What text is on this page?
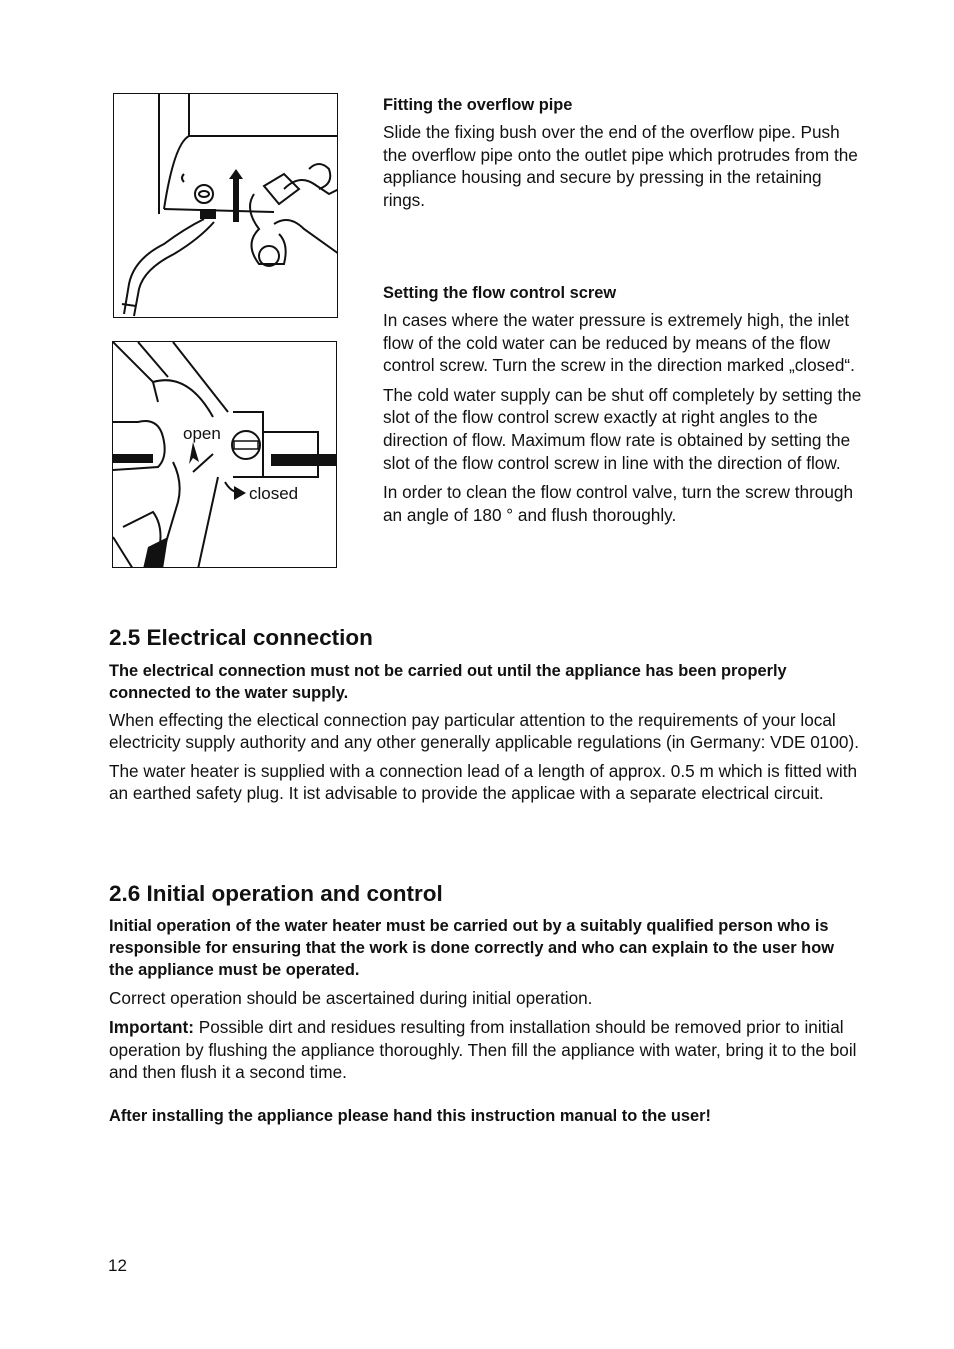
open
closed
Fitting the overflow pipe

Slide the fixing bush over the end of the overflow pipe. Push the overflow pipe onto the outlet pipe which protrudes from the appliance housing and secure by pressing in the retaining rings.

Setting the flow control screw

In cases where the water pressure is extremely high, the inlet flow of the cold water can be reduced by means of the flow control screw. Turn the screw in the direction marked „closed“.

The cold water supply can be shut off completely by setting the slot of the flow control screw exactly at right angles to the direction of flow. Maximum flow rate is obtained by setting the slot of the flow control screw in line with the direction of flow.

In order to clean the flow control valve, turn the screw through an angle of 180 ° and flush thoroughly.

2.5 Electrical connection

The electrical connection must not be carried out until the appliance has been properly connected to the water supply.

When effecting the electical connection pay particular attention to the requirements of your local electricity supply authority and any other generally applicable regulations (in Germany: VDE 0100).

The water heater is supplied with a connection lead of a length of approx. 0.5 m which is fitted with an earthed safety plug. It ist advisable to provide the applicae with a separate electrical circuit.

2.6 Initial operation and control

Initial operation of the water heater must be carried out by a suitably qualified person who is responsible for ensuring that the work is done correctly and who can explain to the user how the appliance must be operated.

Correct operation should be ascertained during initial operation.

Important: Possible dirt and residues resulting from installation should be removed prior to initial operation by flushing the appliance thoroughly. Then fill the appliance with water, bring it to the boil and then flush it a second time.

After installing the appliance please hand this instruction manual to the user!

12
